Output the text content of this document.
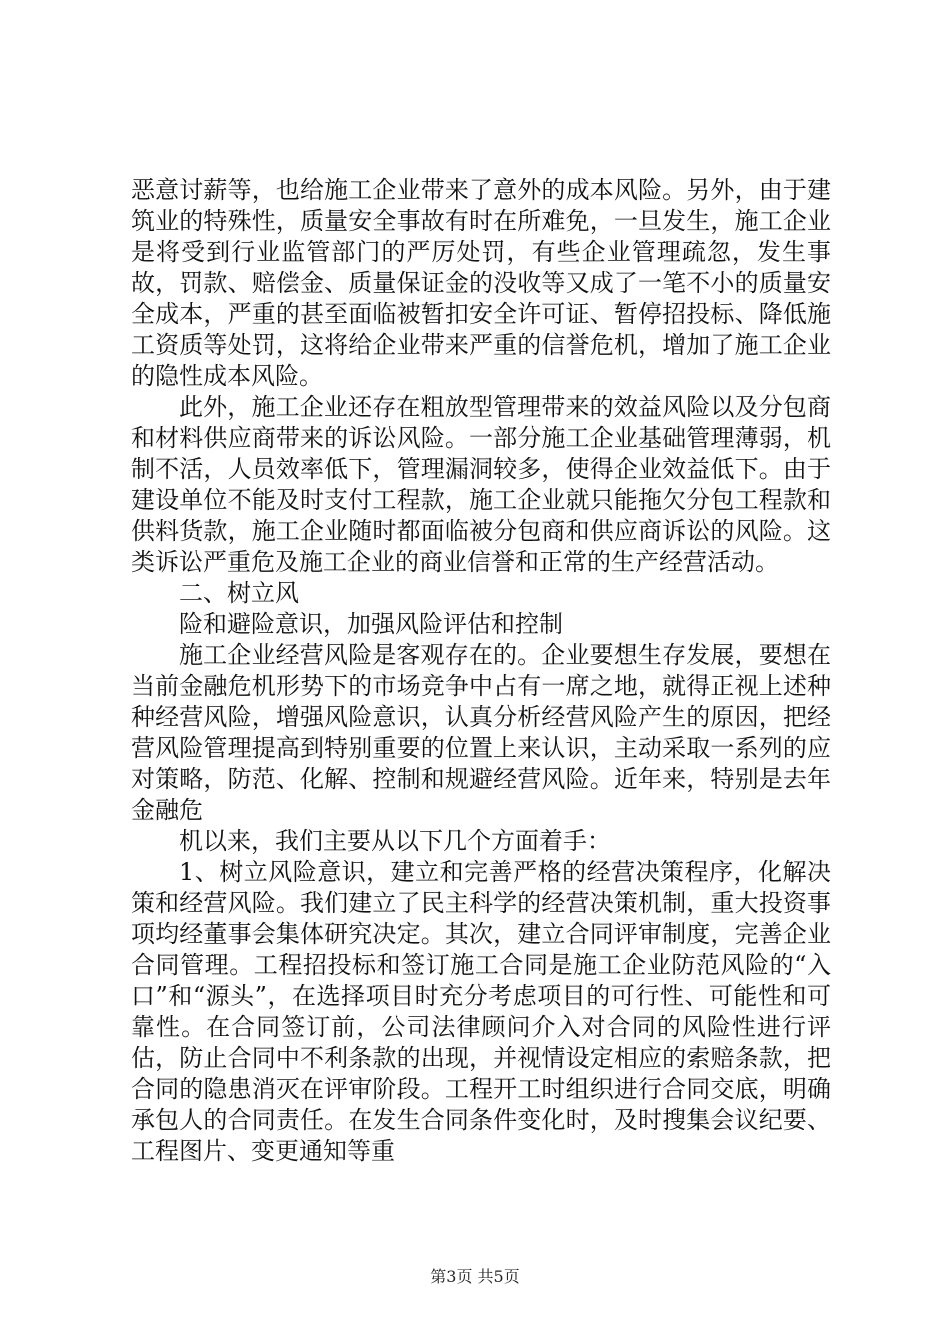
恶意讨薪等，也给施工企业带来了意外的成本风险。另外，由于建筑业的特殊性，质量安全事故有时在所难免，一旦发生，施工企业是将受到行业监管部门的严厉处罚，有些企业管理疏忽，发生事故，罚款、赔偿金、质量保证金的没收等又成了一笔不小的质量安全成本，严重的甚至面临被暂扣安全许可证、暂停招投标、降低施工资质等处罚，这将给企业带来严重的信誉危机，增加了施工企业的隐性成本风险。

此外，施工企业还存在粗放型管理带来的效益风险以及分包商和材料供应商带来的诉讼风险。一部分施工企业基础管理薄弱，机制不活，人员效率低下，管理漏洞较多，使得企业效益低下。由于建设单位不能及时支付工程款，施工企业就只能拖欠分包工程款和供料货款，施工企业随时都面临被分包商和供应商诉讼的风险。这类诉讼严重危及施工企业的商业信誉和正常的生产经营活动。

二、树立风

险和避险意识，加强风险评估和控制

施工企业经营风险是客观存在的。企业要想生存发展，要想在当前金融危机形势下的市场竞争中占有一席之地，就得正视上述种种经营风险，增强风险意识，认真分析经营风险产生的原因，把经营风险管理提高到特别重要的位置上来认识，主动采取一系列的应对策略，防范、化解、控制和规避经营风险。近年来，特别是去年金融危

机以来，我们主要从以下几个方面着手：

1、树立风险意识，建立和完善严格的经营决策程序，化解决策和经营风险。我们建立了民主科学的经营决策机制，重大投资事项均经董事会集体研究决定。其次，建立合同评审制度，完善企业合同管理。工程招投标和签订施工合同是施工企业防范风险的“入口”和“源头”，在选择项目时充分考虑项目的可行性、可能性和可靠性。在合同签订前，公司法律顾问介入对合同的风险性进行评估，防止合同中不利条款的出现，并视情设定相应的索赔条款，把合同的隐患消灭在评审阶段。工程开工时组织进行合同交底，明确承包人的合同责任。在发生合同条件变化时，及时搜集会议纪要、工程图片、变更通知等重

第3页 共5页
